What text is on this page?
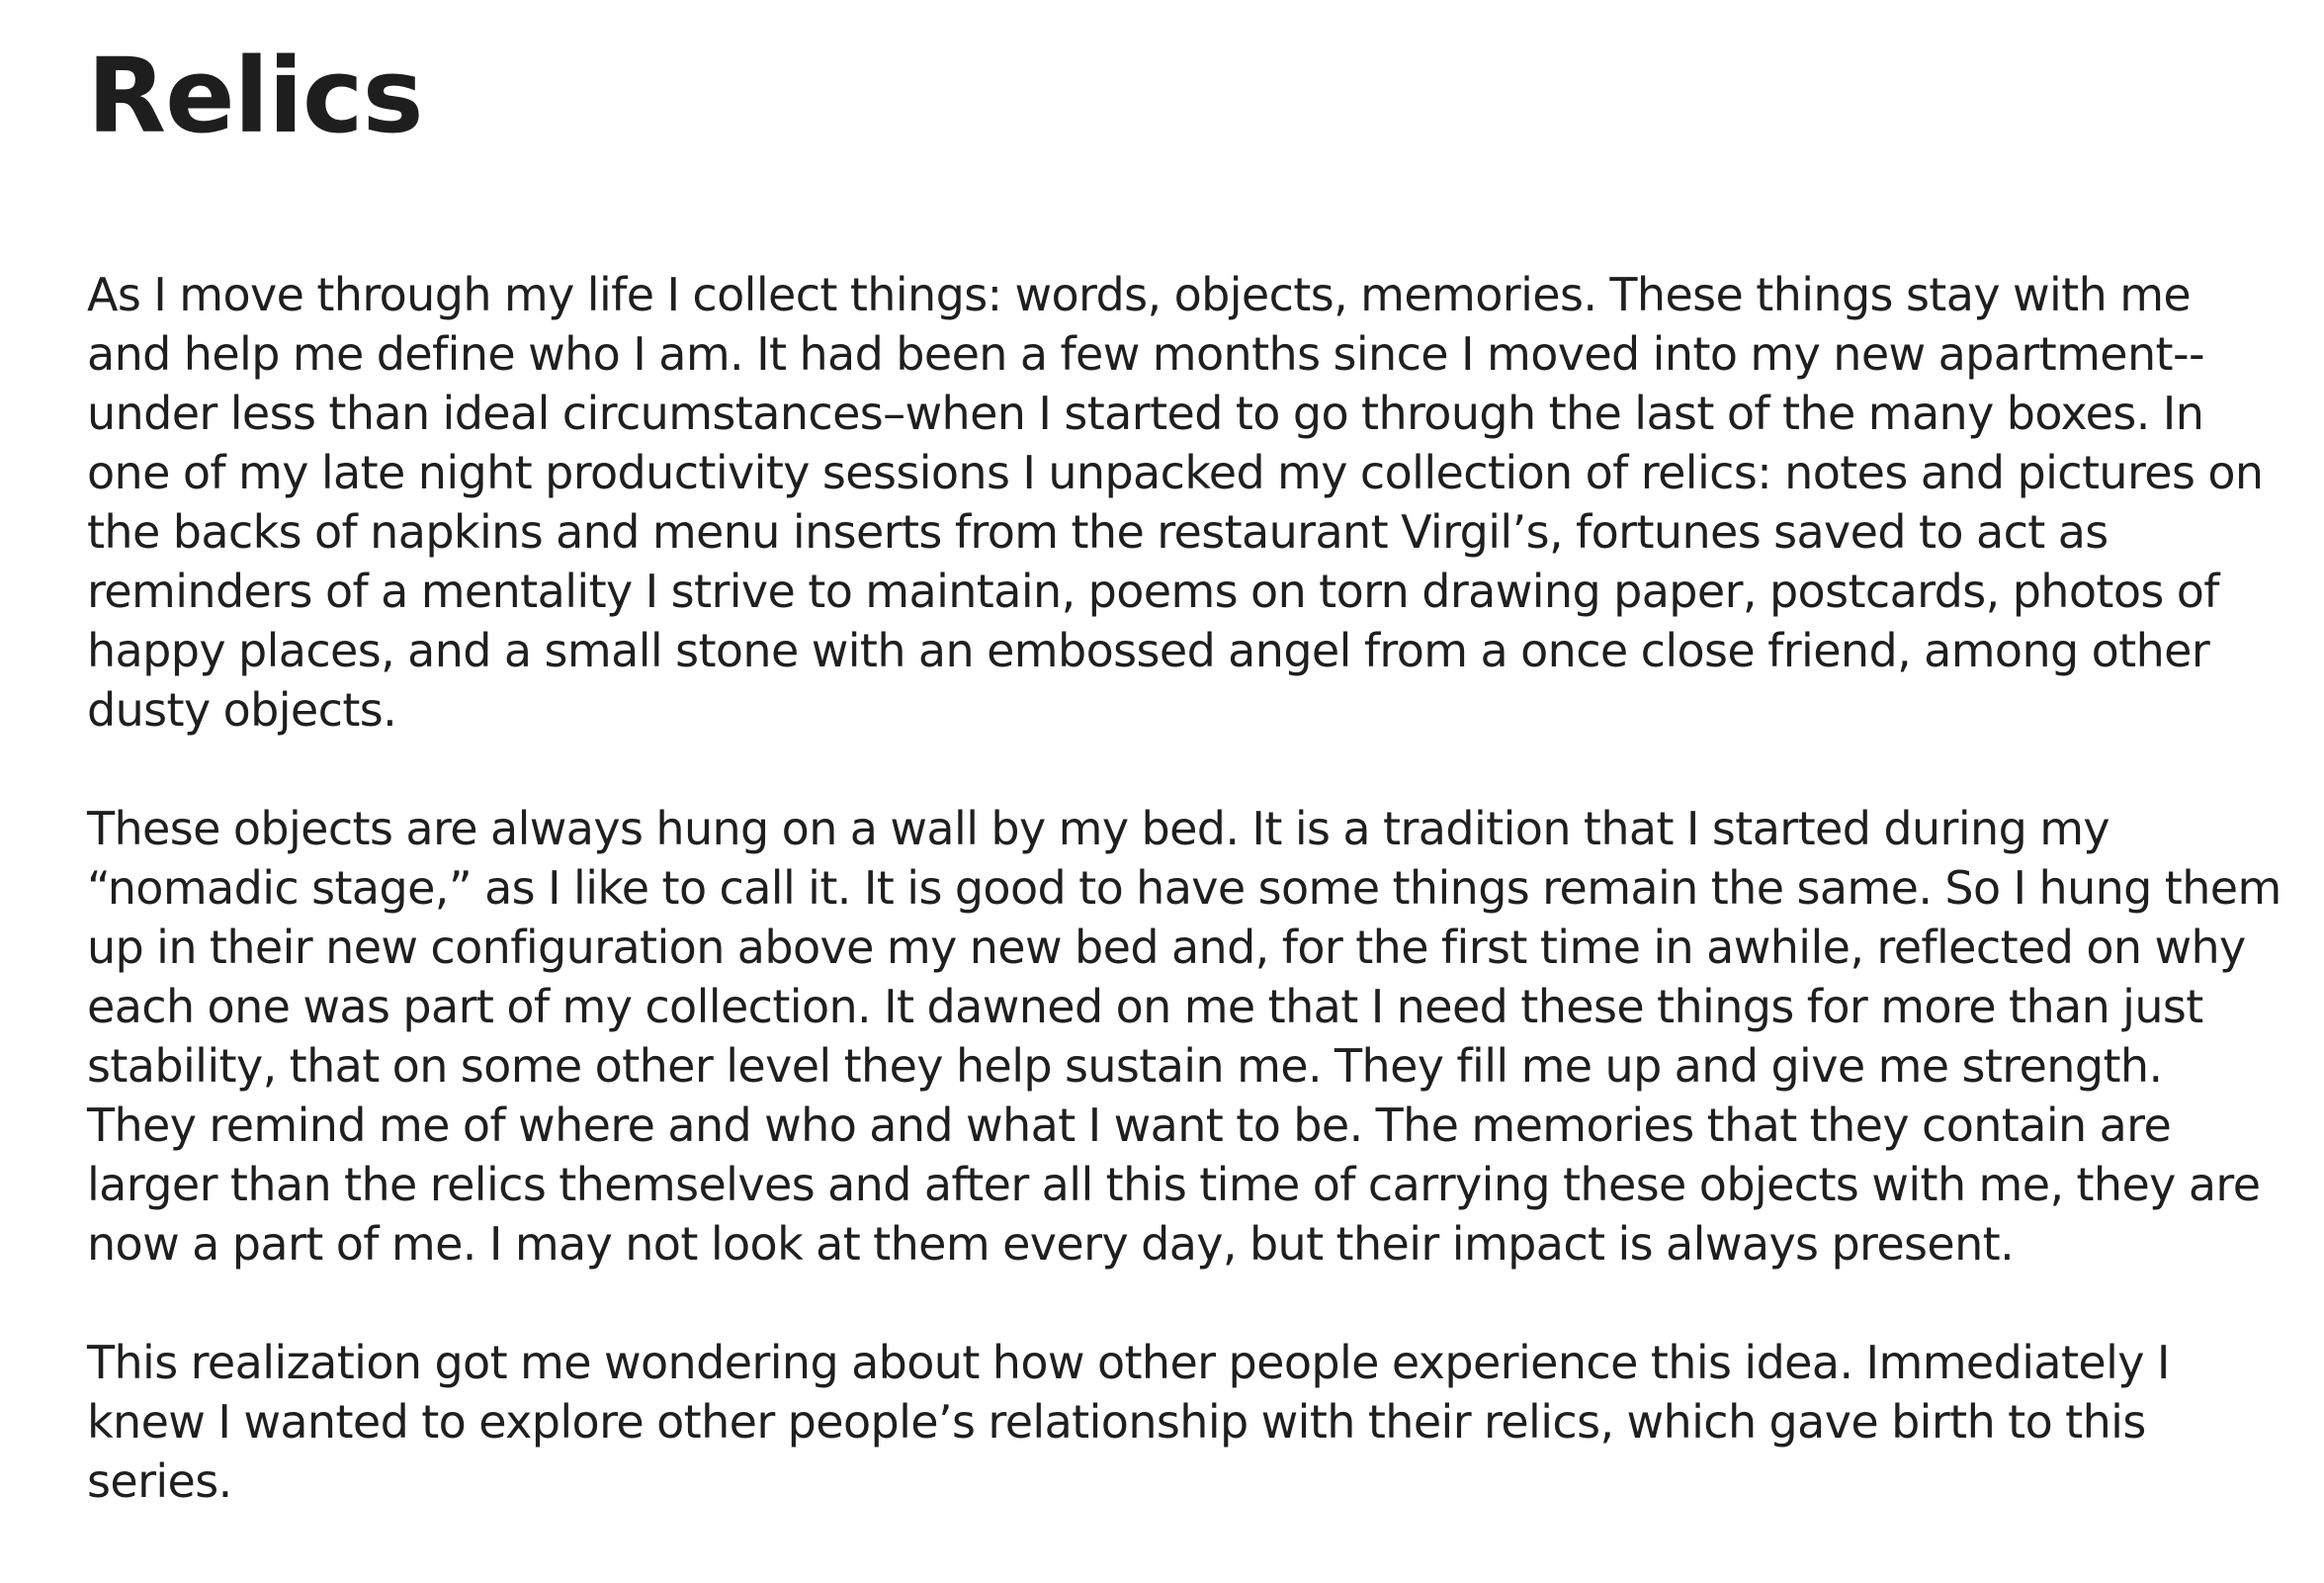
Relics

As I move through my life I collect things: words, objects, memories. These things stay with me and help me define who I am. It had been a few months since I moved into my new apartment--under less than ideal circumstances–when I started to go through the last of the many boxes. In one of my late night productivity sessions I unpacked my collection of relics: notes and pictures on the backs of napkins and menu inserts from the restaurant Virgil’s, fortunes saved to act as reminders of a mentality I strive to maintain, poems on torn drawing paper, postcards, photos of happy places, and a small stone with an embossed angel from a once close friend, among other dusty objects.

These objects are always hung on a wall by my bed. It is a tradition that I started during my “nomadic stage,” as I like to call it. It is good to have some things remain the same. So I hung them up in their new configuration above my new bed and, for the first time in awhile, reflected on why each one was part of my collection. It dawned on me that I need these things for more than just stability, that on some other level they help sustain me. They fill me up and give me strength. They remind me of where and who and what I want to be. The memories that they contain are larger than the relics themselves and after all this time of carrying these objects with me, they are now a part of me. I may not look at them every day, but their impact is always present.

This realization got me wondering about how other people experience this idea. Immediately I knew I wanted to explore other people’s relationship with their relics, which gave birth to this series.
